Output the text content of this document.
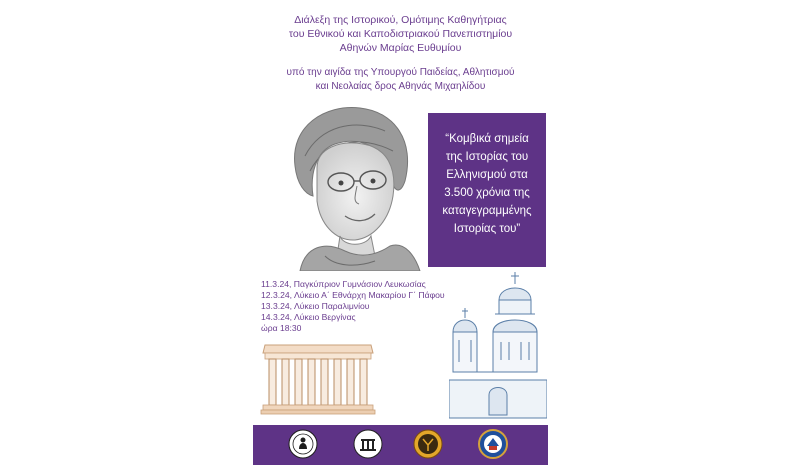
Διάλεξη της Ιστορικού, Ομότιμης Καθηγήτριας

του Εθνικού και Καποδιστριακού Πανεπιστημίου

Αθηνών Μαρίας Ευθυμίου

υπό την αιγίδα της Υπουργού Παιδείας, Αθλητισμού

και Νεολαίας δρος Αθηνάς Μιχαηλίδου

“Κομβικά σημεία

της Ιστορίας του

Ελληνισμού στα

3.500 χρόνια της

καταγεγραμμένης

Ιστορίας του”

11.3.24, Παγκύπριον Γυμνάσιον Λευκωσίας

12.3.24, Λύκειο Α΄ Εθνάρχη Μακαρίου Γ΄ Πάφου

13.3.24, Λύκειο Παραλιμνίου

14.3.24, Λύκειο Βεργίνας

ώρα 18:30
